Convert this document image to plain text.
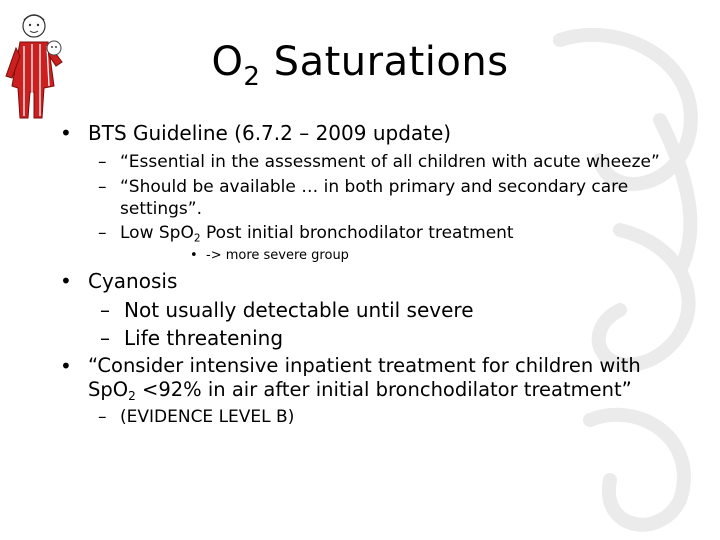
$O_2$ Saturations
• BTS Guideline (6.7.2 – 2009 update)
– “Essential in the assessment of all children with acute wheeze”
– “Should be available … in both primary and secondary care
settings”.
– Low SpO$_2$ Post initial bronchodilator treatment
• -> more severe group
• Cyanosis
– Not usually detectable until severe
– Life threatening
• “Consider intensive inpatient treatment for children with
SpO$_2$ <92% in air after initial bronchodilator treatment”
– (EVIDENCE LEVEL B)
